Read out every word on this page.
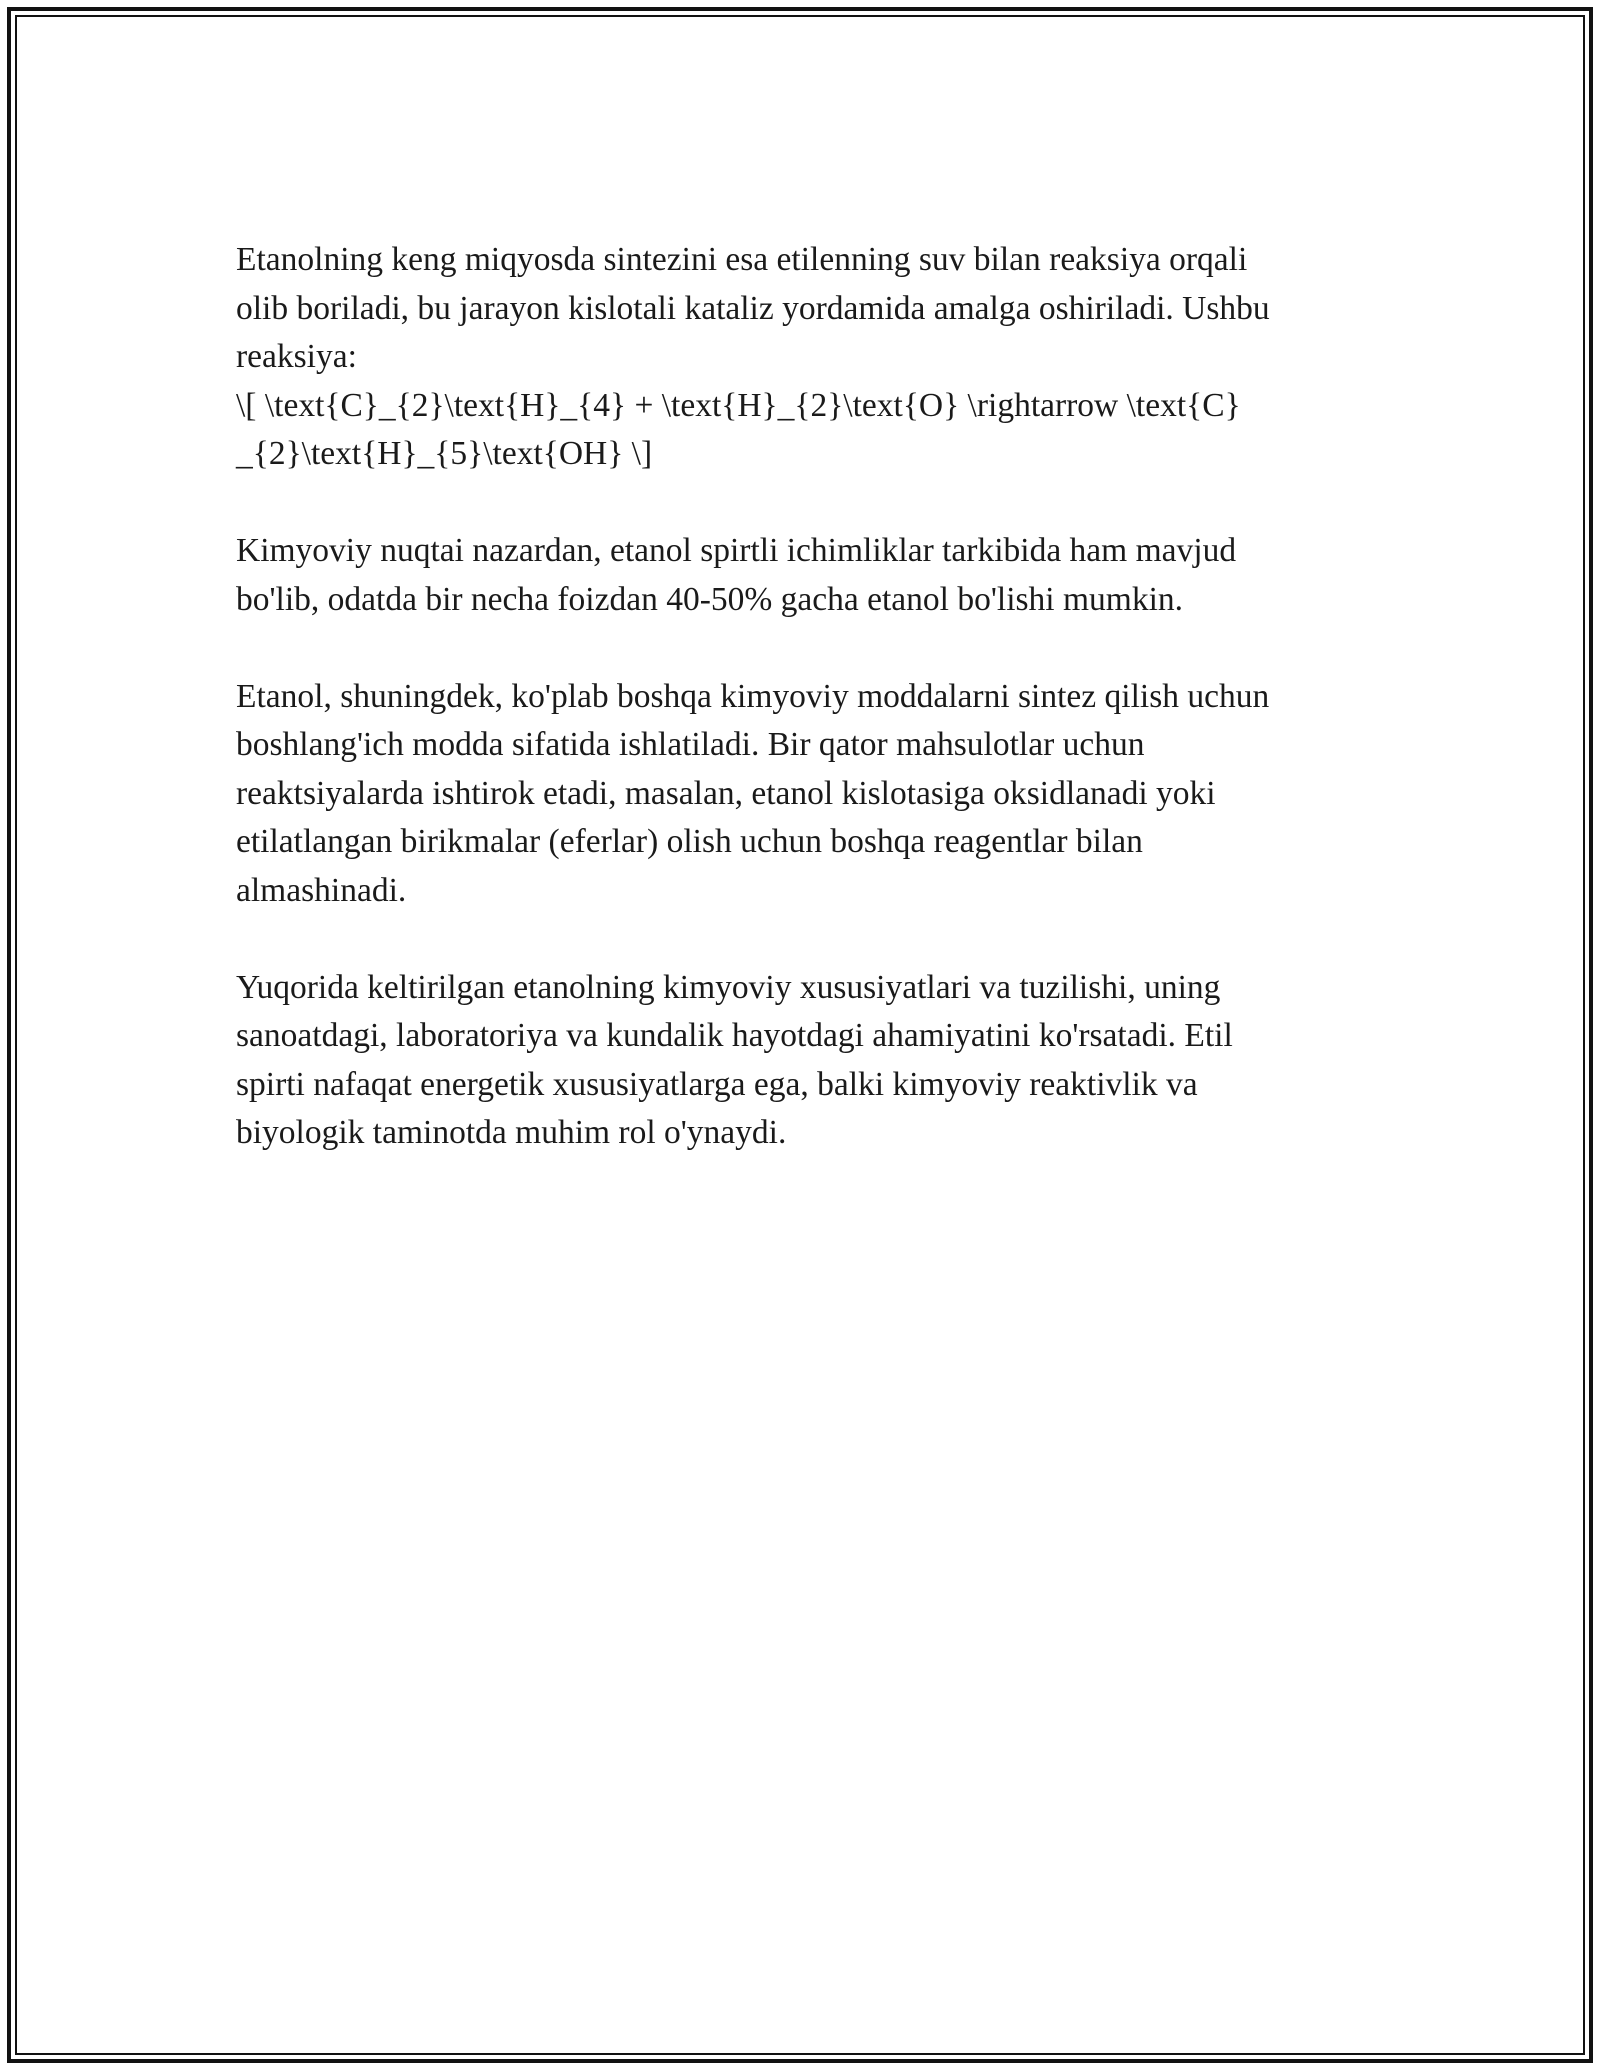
Etanolning keng miqyosda sintezini esa etilenning suv bilan reaksiya orqali
olib boriladi, bu jarayon kislotali kataliz yordamida amalga oshiriladi. Ushbu
reaksiya:
\[ \text{C}_{2}\text{H}_{4} + \text{H}_{2}\text{O} \rightarrow \text{C}
_{2}\text{H}_{5}\text{OH} \]

Kimyoviy nuqtai nazardan, etanol spirtli ichimliklar tarkibida ham mavjud
bo'lib, odatda bir necha foizdan 40-50% gacha etanol bo'lishi mumkin.

Etanol, shuningdek, ko'plab boshqa kimyoviy moddalarni sintez qilish uchun
boshlang'ich modda sifatida ishlatiladi. Bir qator mahsulotlar uchun
reaktsiyalarda ishtirok etadi, masalan, etanol kislotasiga oksidlanadi yoki
etilatlangan birikmalar (eferlar) olish uchun boshqa reagentlar bilan
almashinadi.

Yuqorida keltirilgan etanolning kimyoviy xususiyatlari va tuzilishi, uning
sanoatdagi, laboratoriya va kundalik hayotdagi ahamiyatini ko'rsatadi. Etil
spirti nafaqat energetik xususiyatlarga ega, balki kimyoviy reaktivlik va
biyologik taminotda muhim rol o'ynaydi.
